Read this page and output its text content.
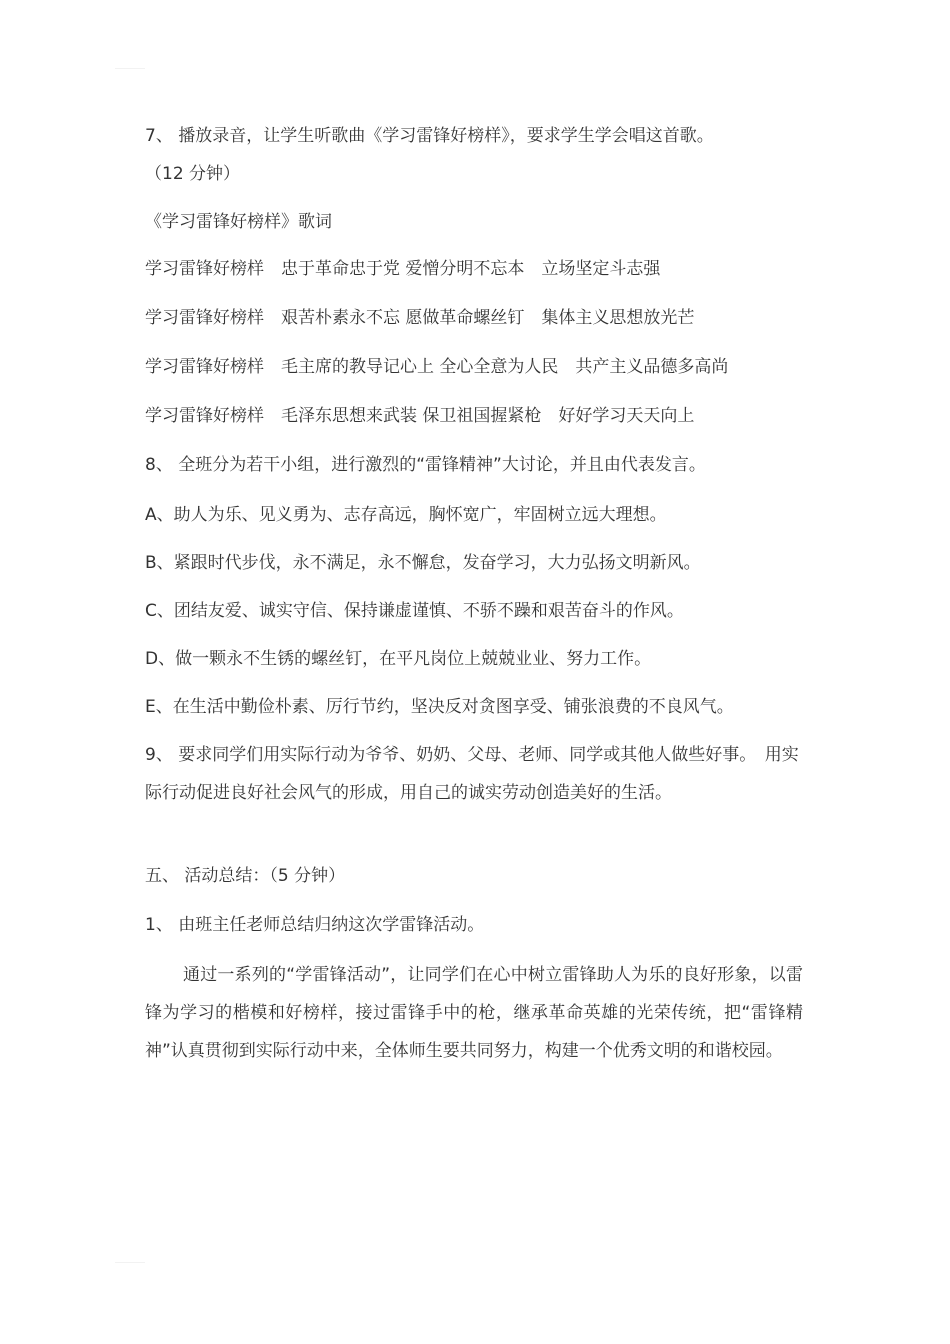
7、 播放录音，让学生听歌曲《学习雷锋好榜样》，要求学生学会唱这首歌。
（12 分钟）
《学习雷锋好榜样》歌词
学习雷锋好榜样　忠于革命忠于党 爱憎分明不忘本　立场坚定斗志强
学习雷锋好榜样　艰苦朴素永不忘 愿做革命螺丝钉　集体主义思想放光芒
学习雷锋好榜样　毛主席的教导记心上 全心全意为人民　共产主义品德多高尚
学习雷锋好榜样　毛泽东思想来武装 保卫祖国握紧枪　好好学习天天向上
8、 全班分为若干小组，进行激烈的“雷锋精神”大讨论，并且由代表发言。
A、助人为乐、见义勇为、志存高远，胸怀宽广，牢固树立远大理想。
B、紧跟时代步伐，永不满足，永不懈怠，发奋学习，大力弘扬文明新风。
C、团结友爱、诚实守信、保持谦虚谨慎、不骄不躁和艰苦奋斗的作风。
D、做一颗永不生锈的螺丝钉，在平凡岗位上兢兢业业、努力工作。
E、在生活中勤俭朴素、厉行节约，坚决反对贪图享受、铺张浪费的不良风气。
9、 要求同学们用实际行动为爷爷、奶奶、父母、老师、同学或其他人做些好事。　用实际行动促进良好社会风气的形成，用自己的诚实劳动创造美好的生活。
五、 活动总结：（5 分钟）
1、 由班主任老师总结归纳这次学雷锋活动。
通过一系列的“学雷锋活动”，让同学们在心中树立雷锋助人为乐的良好形象，以雷锋为学习的楷模和好榜样，接过雷锋手中的枪，继承革命英雄的光荣传统，把“雷锋精神”认真贯彻到实际行动中来，全体师生要共同努力，构建一个优秀文明的和谐校园。
